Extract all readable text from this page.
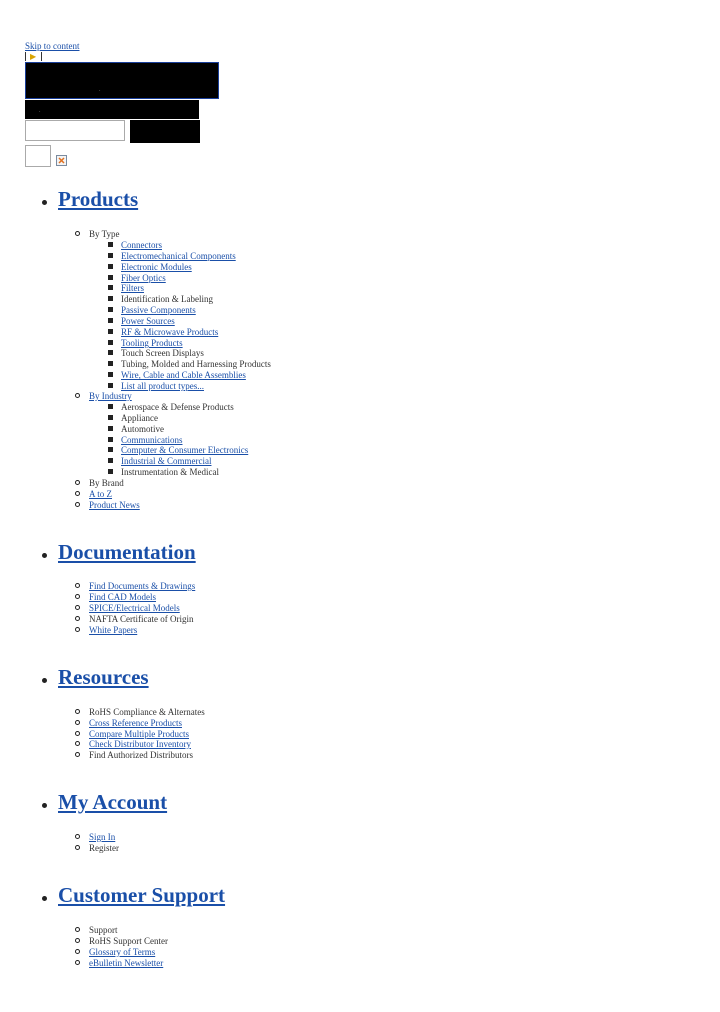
Skip to content
▶
.
.
Products
By Type
Connectors
Electromechanical Components
Electronic Modules
Fiber Optics
Filters
Identification & Labeling
Passive Components
Power Sources
RF & Microwave Products
Tooling Products
Touch Screen Displays
Tubing, Molded and Harnessing Products
Wire, Cable and Cable Assemblies
List all product types...
By Industry
Aerospace & Defense Products
Appliance
Automotive
Communications
Computer & Consumer Electronics
Industrial & Commercial
Instrumentation & Medical
By Brand
A to Z
Product News
Documentation
Find Documents & Drawings
Find CAD Models
SPICE/Electrical Models
NAFTA Certificate of Origin
White Papers
Resources
RoHS Compliance & Alternates
Cross Reference Products
Compare Multiple Products
Check Distributor Inventory
Find Authorized Distributors
My Account
Sign In
Register
Customer Support
Support
RoHS Support Center
Glossary of Terms
eBulletin Newsletter
